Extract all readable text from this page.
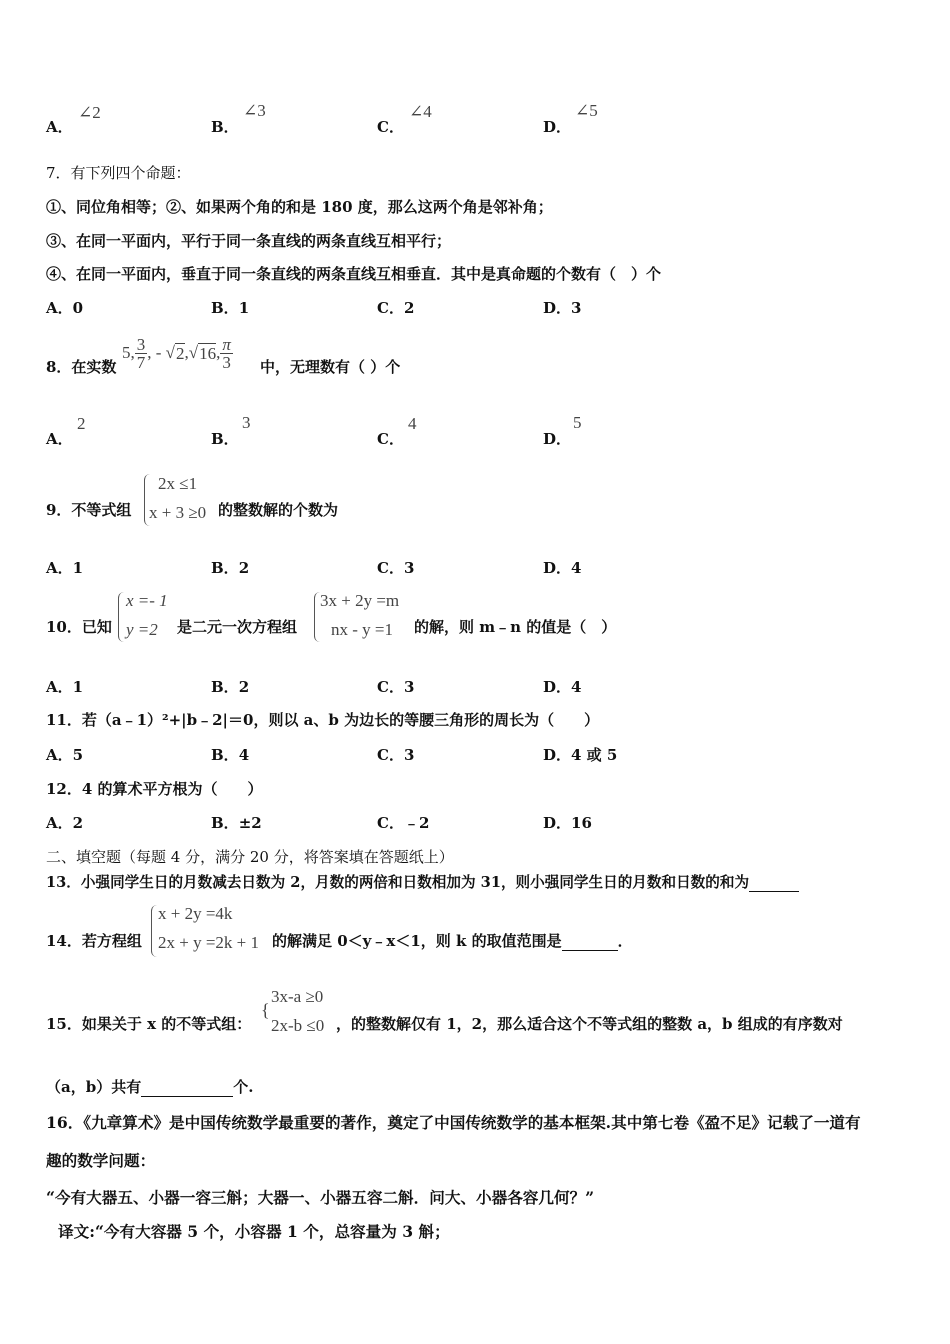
A．
∠2
B．
∠3
C．
∠4
D．
∠5
7．有下列四个命题：
①、同位角相等；②、如果两个角的和是 180 度，那么这两个角是邻补角；
③、在同一平面内，平行于同一条直线的两条直线互相平行；
④、在同一平面内，垂直于同一条直线的两条直线互相垂直．其中是真命题的个数有（　）个
A．0	B．1	C．2	D．3
8．在实数
5, $\frac{3}{7}$ , - √ 2 ,√ 16 , $\frac{\pi}{3}$ 中，无理数有（ ）个
A．
2
B．
3
C．
4
D．
5
9．不等式组
2x ≤1
x + 3 ≥0 的整数解的个数为
A．1	B．2	C．3	D．4
10．已知
x =- 1
y =2 是二元一次方程组
3x + 2y =m
nx - y =1 的解，则 m﹣n 的值是（　）
A．1	B．2	C．3	D．4
11．若（a﹣1）²+|b﹣2|＝0，则以 a、b 为边长的等腰三角形的周长为（　　）
A．5	B．4	C．3	D．4 或 5
12．4 的算术平方根为（　　）
A．2	B．±2	C．﹣2	D．16
二、填空题（每题 4 分，满分 20 分，将答案填在答题纸上）
13．小强同学生日的月数减去日数为 2，月数的两倍和日数相加为 31，则小强同学生日的月数和日数的和为
14．若方程组
x + 2y =4k
2x + y =2k + 1 的解满足 0＜y﹣x＜1，则 k 的取值范围是	．
15．如果关于 x 的不等式组：
{
3x-a ≥0
2x-b ≤0 ，的整数解仅有 1，2，那么适合这个不等式组的整数 a，b 组成的有序数对
（a，b）共有	个.
16．《九章算术》是中国传统数学最重要的著作，奠定了中国传统数学的基本框架.其中第七卷《盈不足》记载了一道有
趣的数学问题：
“今有大器五、小器一容三斛；大器一、小器五容二斛．问大、小器各容几何？”
译文:“今有大容器 5 个，小容器 1 个，总容量为 3 斛；
